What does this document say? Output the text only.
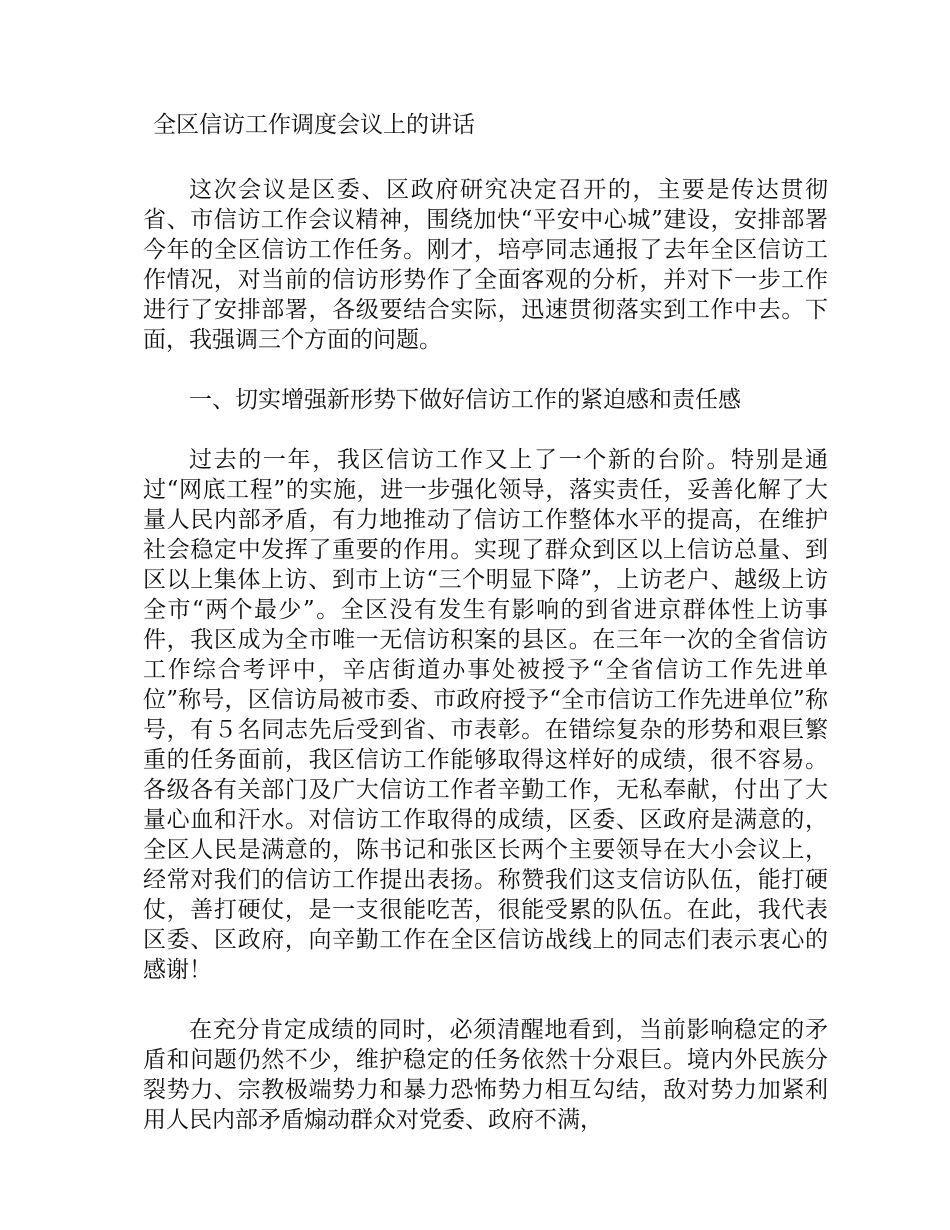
全区信访工作调度会议上的讲话

这次会议是区委、区政府研究决定召开的，主要是传达贯彻省、市信访工作会议精神，围绕加快“平安中心城”建设，安排部署今年的全区信访工作任务。刚才，培亭同志通报了去年全区信访工作情况，对当前的信访形势作了全面客观的分析，并对下一步工作进行了安排部署，各级要结合实际，迅速贯彻落实到工作中去。下面，我强调三个方面的问题。

一、切实增强新形势下做好信访工作的紧迫感和责任感

过去的一年，我区信访工作又上了一个新的台阶。特别是通过“网底工程”的实施，进一步强化领导，落实责任，妥善化解了大量人民内部矛盾，有力地推动了信访工作整体水平的提高，在维护社会稳定中发挥了重要的作用。实现了群众到区以上信访总量、到区以上集体上访、到市上访“三个明显下降”，上访老户、越级上访全市“两个最少”。全区没有发生有影响的到省进京群体性上访事件，我区成为全市唯一无信访积案的县区。在三年一次的全省信访工作综合考评中，辛店街道办事处被授予“全省信访工作先进单位”称号，区信访局被市委、市政府授予“全市信访工作先进单位”称号，有５名同志先后受到省、市表彰。在错综复杂的形势和艰巨繁重的任务面前，我区信访工作能够取得这样好的成绩，很不容易。各级各有关部门及广大信访工作者辛勤工作，无私奉献，付出了大量心血和汗水。对信访工作取得的成绩，区委、区政府是满意的，全区人民是满意的，陈书记和张区长两个主要领导在大小会议上，经常对我们的信访工作提出表扬。称赞我们这支信访队伍，能打硬仗，善打硬仗，是一支很能吃苦，很能受累的队伍。在此，我代表区委、区政府，向辛勤工作在全区信访战线上的同志们表示衷心的感谢！

在充分肯定成绩的同时，必须清醒地看到，当前影响稳定的矛盾和问题仍然不少，维护稳定的任务依然十分艰巨。境内外民族分裂势力、宗教极端势力和暴力恐怖势力相互勾结，敌对势力加紧利用人民内部矛盾煽动群众对党委、政府不满，
